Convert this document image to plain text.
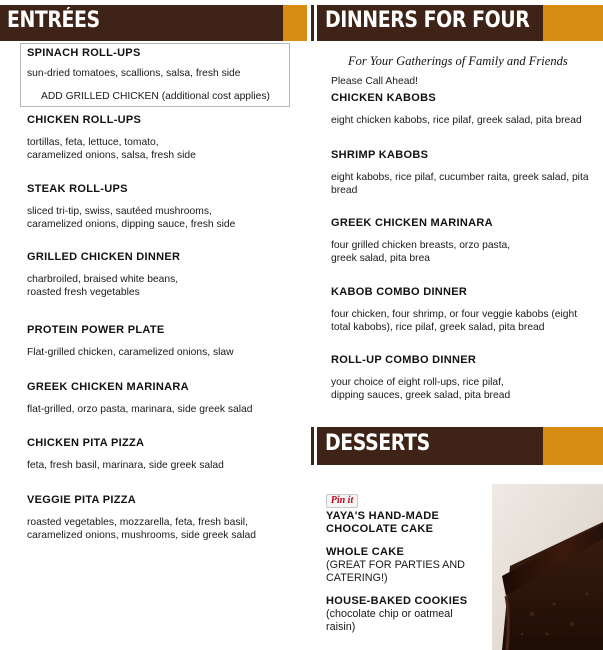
ENTRÉES	DINNERS FOR FOUR
SPINACH ROLL-UPS
sun-dried tomatoes, scallions, salsa, fresh side
ADD GRILLED CHICKEN (additional cost applies)
CHICKEN ROLL-UPS
tortillas, feta, lettuce, tomato,
caramelized onions, salsa, fresh side
STEAK ROLL-UPS
sliced tri-tip, swiss, sautéed mushrooms,
caramelized onions, dipping sauce, fresh side
GRILLED CHICKEN DINNER
charbroiled, braised white beans,
roasted fresh vegetables
PROTEIN POWER PLATE
Flat-grilled chicken, caramelized onions, slaw
GREEK CHICKEN MARINARA
flat-grilled, orzo pasta, marinara, side greek salad
CHICKEN PITA PIZZA
feta, fresh basil, marinara, side greek salad
VEGGIE PITA PIZZA
roasted vegetables, mozzarella, feta, fresh basil,
caramelized onions, mushrooms, side greek salad
For Your Gatherings of Family and Friends
Please Call Ahead!
CHICKEN KABOBS
eight chicken kabobs, rice pilaf, greek salad, pita bread
SHRIMP KABOBS
eight kabobs, rice pilaf, cucumber raita, greek salad, pita
bread
GREEK CHICKEN MARINARA
four grilled chicken breasts, orzo pasta,
greek salad, pita brea
KABOB COMBO DINNER
four chicken, four shrimp, or four veggie kabobs (eight
total kabobs), rice pilaf, greek salad, pita bread
ROLL-UP COMBO DINNER
your choice of eight roll-ups, rice pilaf,
dipping sauces, greek salad, pita bread
DESSERTS
Pin it
YAYA'S HAND-MADE
CHOCOLATE CAKE
WHOLE CAKE
(GREAT FOR PARTIES AND
CATERING!)
HOUSE-BAKED COOKIES
(chocolate chip or oatmeal
raisin)
